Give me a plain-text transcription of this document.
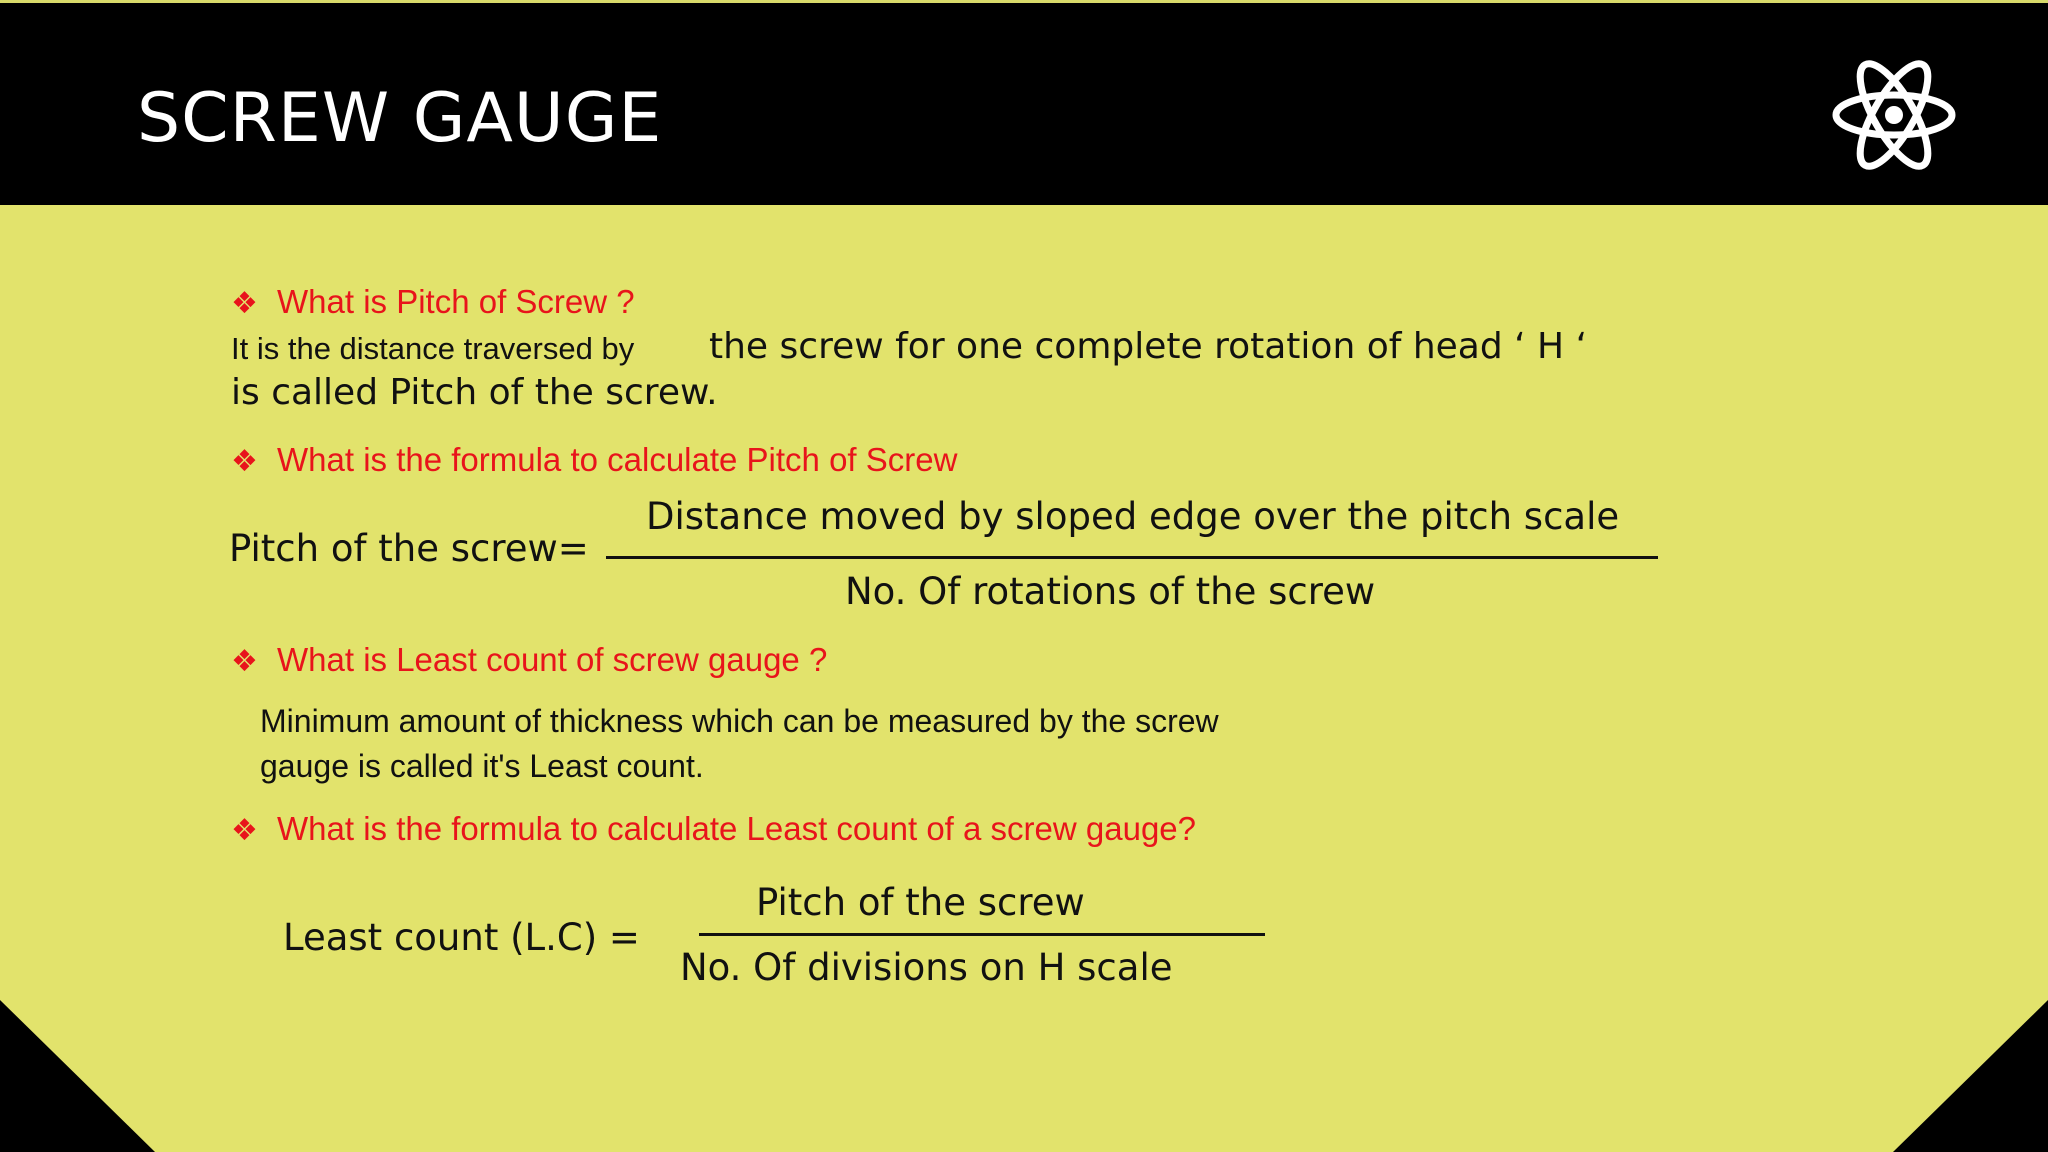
SCREW GAUGE
❖ What is Pitch of Screw ?
It is the distance traversed by the screw for one complete rotation of head ‘ H ‘
is called Pitch of the screw.
❖ What is the formula to calculate Pitch of Screw
Distance moved by sloped edge over the pitch scale
Pitch of the screw=
No. Of rotations of the screw
❖ What is Least count of screw gauge ?
Minimum amount of thickness which can be measured by the screw
gauge is called it's Least count.
❖ What is the formula to calculate Least count of a screw gauge?
Pitch of the screw
Least count (L.C) =
No. Of divisions on H scale
